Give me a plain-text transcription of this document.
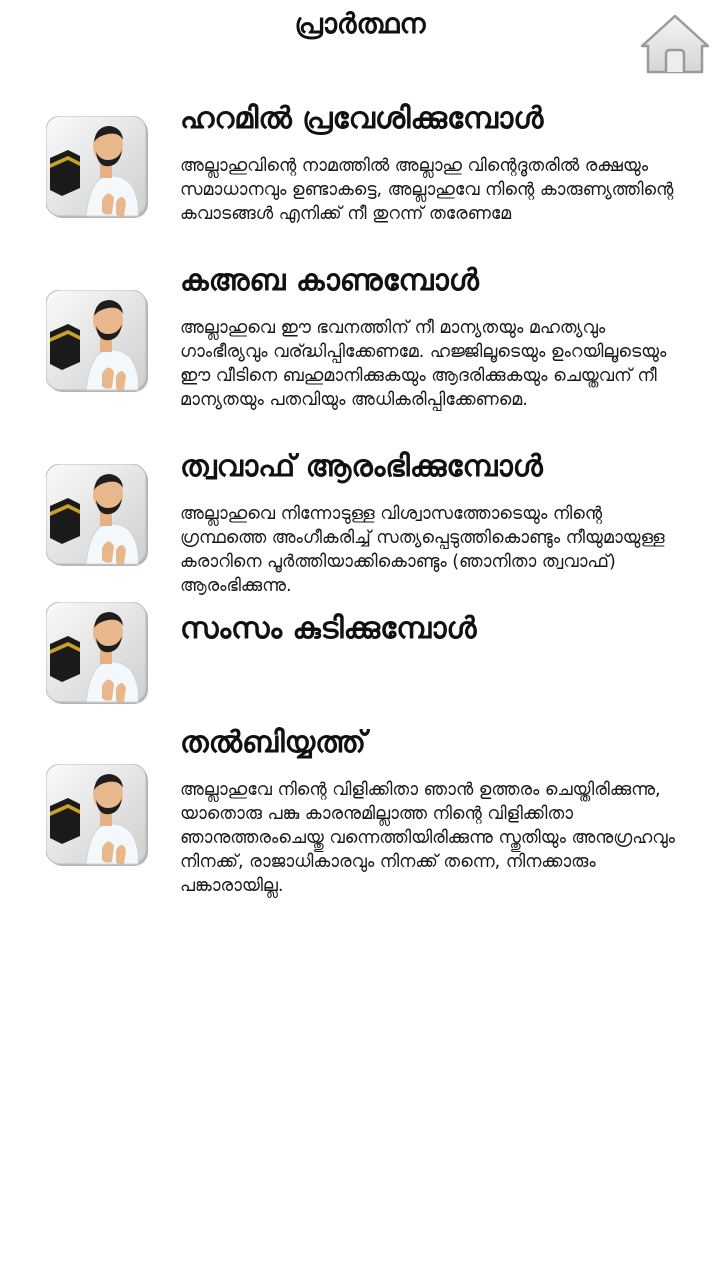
പ്രാർത്ഥന
ഹറമിൽ പ്രവേശിക്കുമ്പോൾ
അല്ലാഹുവിന്റെ നാമത്തിൽ അല്ലാഹു വിന്റെദൂതരിൽ രക്ഷയും സമാധാനവും ഉണ്ടാകട്ടെ, അല്ലാഹുവേ നിന്റെ കാരുണ്യത്തിന്റെ കവാടങ്ങൾ എനിക്ക് നീ തുറന്ന് തരേണമേ
കഅബ കാണുമ്പോൾ
അല്ലാഹുവെ ഈ ഭവനത്തിന് നീ മാന്യതയും മഹത്യവും ഗാംഭീര്യവും വര്ദ്ധിപ്പിക്കേണമേ. ഹജ്ജിലൂടെയും ഉംറയിലൂടെയും ഈ വീടിനെ ബഹുമാനിക്കുകയും ആദരിക്കുകയും ചെയ്തവന് നീ മാന്യതയും പതവിയും അധികരിപ്പിക്കേണമെ.
ത്വവാഫ് ആരംഭിക്കുമ്പോൾ
അല്ലാഹുവെ നിന്നോടുള്ള വിശ്വാസത്തോടെയും നിന്റെ ഗ്രന്ഥത്തെ അംഗീകരിച്ച് സത്യപ്പെടുത്തികൊണ്ടും നീയുമായുള്ള കരാറിനെ പൂർത്തിയാക്കികൊണ്ടും (ഞാനിതാ ത്വവാഫ്) ആരംഭിക്കുന്നു.
സംസം കുടിക്കുമ്പോൾ
തൽബിയ്യത്ത്
അല്ലാഹുവേ നിന്റെ വിളിക്കിതാ ഞാൻ ഉത്തരം ചെയ്തിരിക്കുന്നു, യാതൊരു പങ്കു കാരനുമില്ലാത്ത നിന്റെ വിളിക്കിതാ ഞാനുത്തരംചെയ്തു വന്നെത്തിയിരിക്കുന്നു സ്തുതിയും അനുഗ്രഹവും നിനക്ക്, രാജാധികാരവും നിനക്ക് തന്നെ, നിനക്കാരും പങ്കാരായില്ല.
